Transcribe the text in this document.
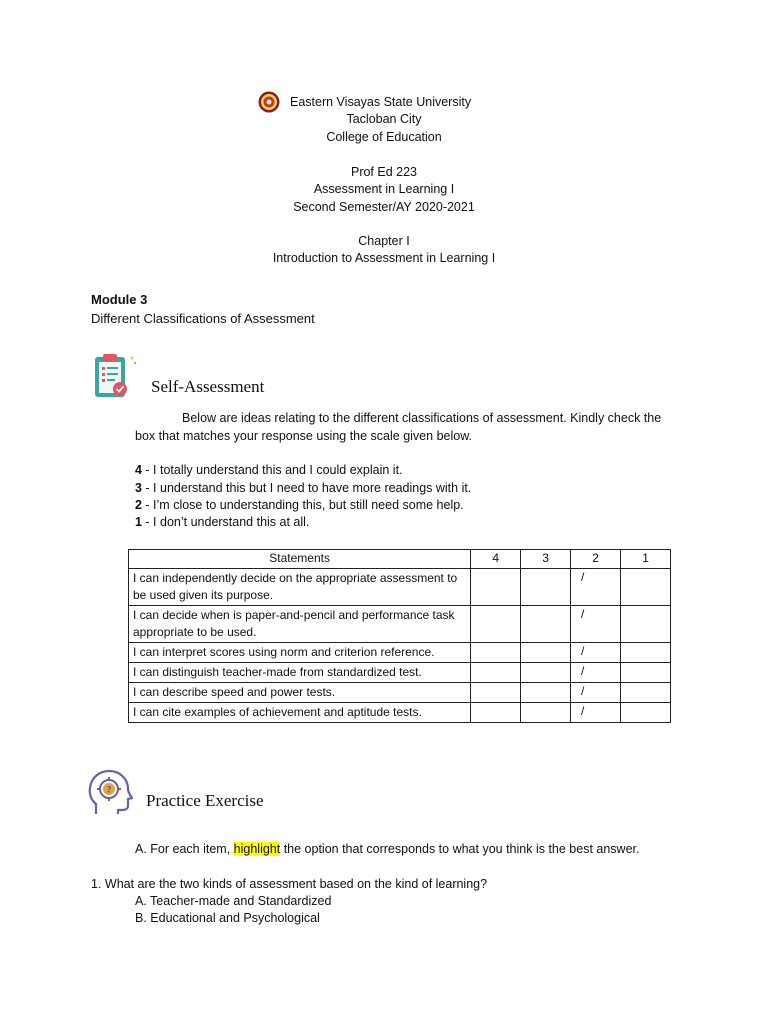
Eastern Visayas State University
Tacloban City
College of Education
Prof Ed 223
Assessment in Learning I
Second Semester/AY 2020-2021
Chapter I
Introduction to Assessment in Learning I
Module 3
Different Classifications of Assessment
Self-Assessment
Below are ideas relating to the different classifications of assessment. Kindly check the
box that matches your response using the scale given below.
4 - I totally understand this and I could explain it.
3 - I understand this but I need to have more readings with it.
2 - I’m close to understanding this, but still need some help.
1 - I don’t understand this at all.
Statements	4	3	2	1
I can independently decide on the appropriate assessment to be used given its purpose.			/	
I can decide when is paper-and-pencil and performance task appropriate to be used.			/	
I can interpret scores using norm and criterion reference.			/	
I can distinguish teacher-made from standardized test.			/	
I can describe speed and power tests.			/	
I can cite examples of achievement and aptitude tests.			/	
?
Practice Exercise
A. For each item, highlight the option that corresponds to what you think is the best answer.
1. What are the two kinds of assessment based on the kind of learning?
A. Teacher-made and Standardized
B. Educational and Psychological
